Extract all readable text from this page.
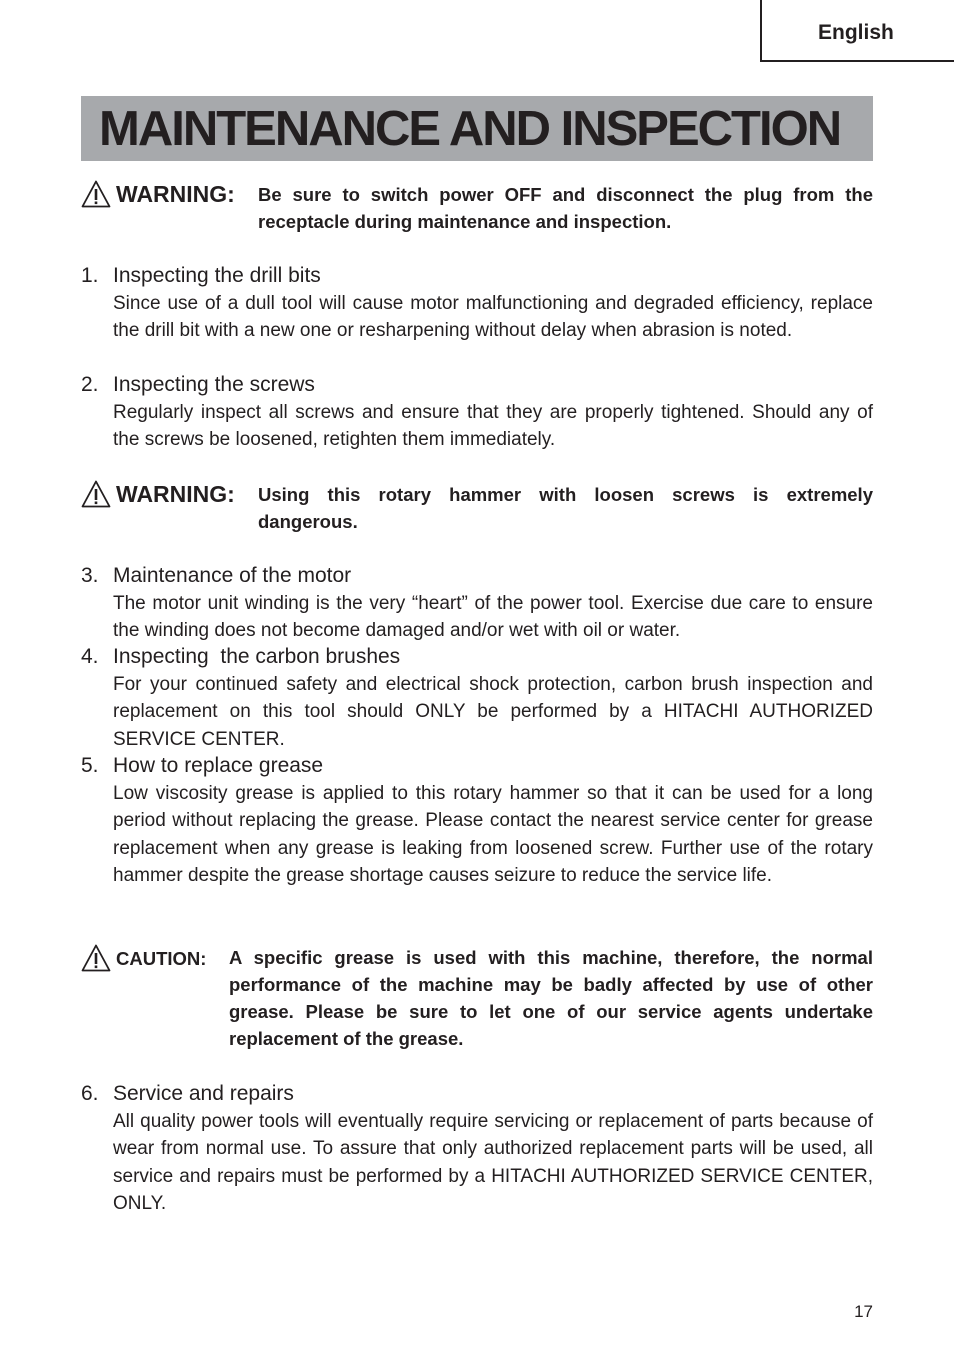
English
MAINTENANCE AND INSPECTION
WARNING: Be sure to switch power OFF and disconnect the plug from the receptacle during maintenance and inspection.
1. Inspecting the drill bits
Since use of a dull tool will cause motor malfunctioning and degraded efficiency, replace the drill bit with a new one or resharpening without delay when abrasion is noted.
2. Inspecting the screws
Regularly inspect all screws and ensure that they are properly tightened. Should any of the screws be loosened, retighten them immediately.
WARNING: Using this rotary hammer with loosen screws is extremely dangerous.
3. Maintenance of the motor
The motor unit winding is the very “heart” of the power tool. Exercise due care to ensure the winding does not become damaged and/or wet with oil or water.
4. Inspecting  the carbon brushes
For your continued safety and electrical shock protection, carbon brush inspection and replacement on this tool should ONLY be performed by a HITACHI AUTHORIZED SERVICE CENTER.
5. How to replace grease
Low viscosity grease is applied to this rotary hammer so that it can be used for a long period without replacing the grease. Please contact the nearest service center for grease replacement when any grease is leaking from loosened screw. Further use of the rotary hammer despite the grease shortage causes seizure to reduce the service life.
CAUTION: A specific grease is used with this machine, therefore, the normal performance of the machine may be badly affected by use of other grease. Please be sure to let one of our service agents undertake replacement of the grease.
6. Service and repairs
All quality power tools will eventually require servicing or replacement of parts because of wear from normal use. To assure that only authorized replacement parts will be used, all service and repairs must be performed by a HITACHI AUTHORIZED SERVICE CENTER, ONLY.
17
